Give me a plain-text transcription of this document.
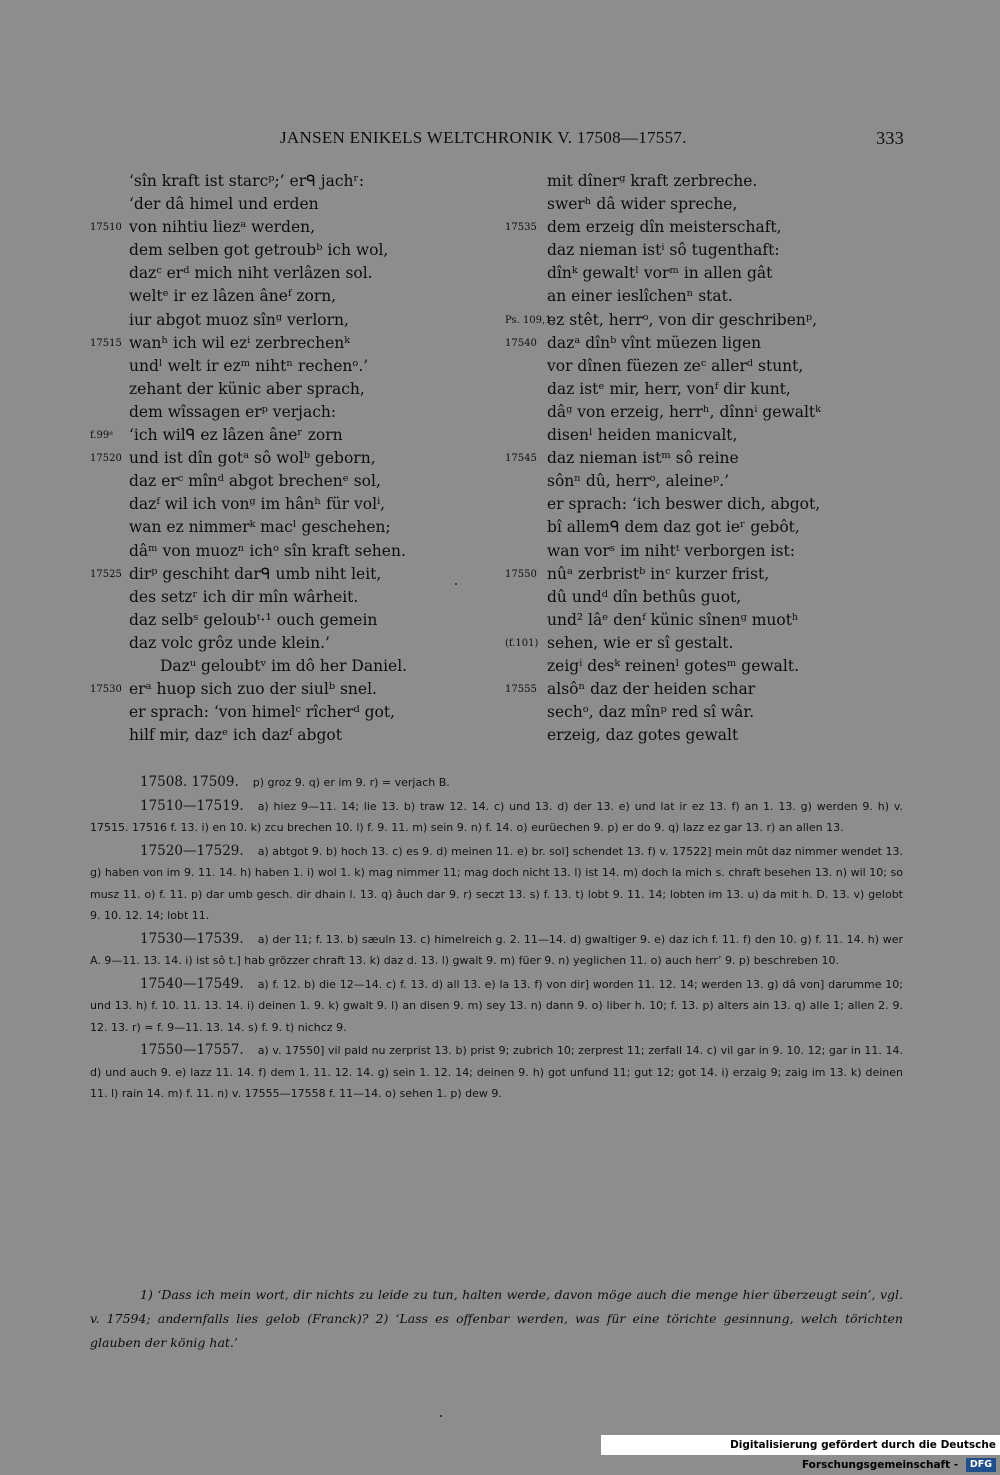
JANSEN ENIKELS WELTCHRONIK V. 17508—17557.	333
‘sîn kraft ist starcᵖ;’ erᑫ jachʳ:
‘der dâ himel und erden
17510 von nihtiu liezᵃ werden,
dem selben got getroubᵇ ich wol,
dazᶜ erᵈ mich niht verlâzen sol.
weltᵉ ir ez lâzen âneᶠ zorn,
iur abgot muoz sînᵍ verlorn,
17515 wanʰ ich wil ezⁱ zerbrechenᵏ
undˡ welt ir ezᵐ nihtⁿ rechenᵒ.’
zehant der künic aber sprach,
dem wîssagen erᵖ verjach:
f.99ᵃ ‘ich wilᑫ ez lâzen âneʳ zorn
17520 und ist dîn gotᵃ sô wolᵇ geborn,
daz erᶜ mînᵈ abgot brechenᵉ sol,
dazᶠ wil ich vonᵍ im hânʰ für volⁱ,
wan ez nimmerᵏ macˡ geschehen;
dâᵐ von muozⁿ ichᵒ sîn kraft sehen.
17525 dirᵖ geschiht darᑫ umb niht leit,
des setzʳ ich dir mîn wârheit.
daz selbˢ geloubᵗ·¹ ouch gemein
daz volc grôz unde klein.’
Dazᵘ geloubtᵛ im dô her Daniel.
17530 erᵃ huop sich zuo der siulᵇ snel.
er sprach: ‘von himelᶜ rîcherᵈ got,
hilf mir, dazᵉ ich dazᶠ abgot
mit dînerᵍ kraft zerbreche.
swerʰ dâ wider spreche,
17535 dem erzeig dîn meisterschaft,
daz nieman istⁱ sô tugenthaft:
dînᵏ gewaltˡ vorᵐ in allen gât
an einer ieslîchenⁿ stat.
Ps. 109,1.
ez stêt, herrᵒ, von dir geschribenᵖ,
17540 dazᵃ dînᵇ vînt müezen ligen
vor dînen füezen zeᶜ allerᵈ stunt,
daz istᵉ mir, herr, vonᶠ dir kunt,
dâᵍ von erzeig, herrʰ, dînnⁱ gewaltᵏ
disenˡ heiden manicvalt,
17545 daz nieman istᵐ sô reine
sônⁿ dû, herrᵒ, aleineᵖ.’
er sprach: ‘ich beswer dich, abgot,
bî allemᑫ dem daz got ieʳ gebôt,
wan vorˢ im nihtᵗ verborgen ist:
17550 nûᵃ zerbristᵇ inᶜ kurzer frist,
dû undᵈ dîn bethûs guot,
und² lâᵉ denᶠ künic sînenᵍ muotʰ
(f.101) sehen, wie er sî gestalt.
zeigⁱ desᵏ reinenˡ gotesᵐ gewalt.
17555 alsôⁿ daz der heiden schar
sechᵒ, daz mînᵖ red sî wâr.
erzeig, daz gotes gewalt

17508. 17509. p) groz 9. q) er im 9. r) = verjach B.

17510—17519. a) hiez 9—11. 14; lie 13. b) traw 12. 14. c) und 13. d) der 13. e) und lat ir ez 13. f) an 1. 13. g) werden 9. h) v. 17515. 17516 f. 13. i) en 10. k) zcu brechen 10. l) f. 9. 11. m) sein 9. n) f. 14. o) eurüechen 9. p) er do 9. q) lazz ez gar 13. r) an allen 13.

17520—17529. a) abtgot 9. b) hoch 13. c) es 9. d) meinen 11. e) br. sol] schendet 13. f) v. 17522] mein mût daz nimmer wendet 13. g) haben von im 9. 11. 14. h) haben 1. i) wol 1. k) mag nimmer 11; mag doch nicht 13. l) ist 14. m) doch la mich s. chraft besehen 13. n) wil 10; so musz 11. o) f. 11. p) dar umb gesch. dir dhain l. 13. q) âuch dar 9. r) seczt 13. s) f. 13. t) lobt 9. 11. 14; lobten im 13. u) da mit h. D. 13. v) gelobt 9. 10. 12. 14; lobt 11.

17530—17539. a) der 11; f. 13. b) sæuln 13. c) himelreich g. 2. 11—14. d) gwaltiger 9. e) daz ich f. 11. f) den 10. g) f. 11. 14. h) wer A. 9—11. 13. 14. i) ist sô t.] hab grözzer chraft 13. k) daz d. 13. l) gwalt 9. m) füer 9. n) yeglichen 11. o) auch herr’ 9. p) beschreben 10.

17540—17549. a) f. 12. b) die 12—14. c) f. 13. d) all 13. e) la 13. f) von dir] worden 11. 12. 14; werden 13. g) dâ von] darumme 10; und 13. h) f. 10. 11. 13. 14. i) deinen 1. 9. k) gwalt 9. l) an disen 9. m) sey 13. n) dann 9. o) liber h. 10; f. 13. p) alters ain 13. q) alle 1; allen 2. 9. 12. 13. r) = f. 9—11. 13. 14. s) f. 9. t) nichcz 9.

17550—17557. a) v. 17550] vil pald nu zerprist 13. b) prist 9; zubrich 10; zerprest 11; zerfall 14. c) vil gar in 9. 10. 12; gar in 11. 14. d) und auch 9. e) lazz 11. 14. f) dem 1. 11. 12. 14. g) sein 1. 12. 14; deinen 9. h) got unfund 11; gut 12; got 14. i) erzaig 9; zaig im 13. k) deinen 11. l) rain 14. m) f. 11. n) v. 17555—17558 f. 11—14. o) sehen 1. p) dew 9.

1) ‘Dass ich mein wort, dir nichts zu leide zu tun, halten werde, davon möge auch die menge hier überzeugt sein’, vgl. v. 17594; andernfalls lies gelob (Franck)? 2) ‘Lass es offenbar werden, was für eine törichte gesinnung, welch törichten glauben der könig hat.’

Digitalisierung gefördert durch die Deutsche Forschungsgemeinschaft - DFG
